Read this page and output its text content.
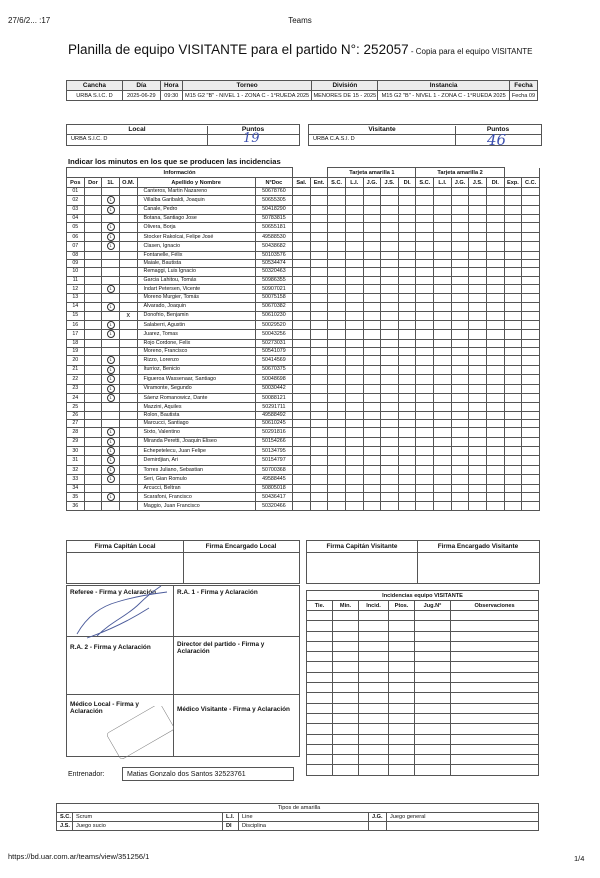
27/6/2... :17	Teams
Planilla de equipo VISITANTE para el partido N°: 252057 - Copia para el equipo VISITANTE
Cancha	Día	Hora	Torneo	División	Instancia	Fecha
URBA S.I.C. D	2025-06-29	09:30	M15 G2 "B" - NIVEL 1 - ZONA C - 1°RUEDA 2025	MENORES DE 15 - 2025	M15 G2 "B" - NIVEL 1 - ZONA C - 1°RUEDA 2025	Fecha 09
Local	Puntos
URBA S.I.C. D	19
Visitante	Puntos
URBA C.A.S.I. D	46
Indicar los minutos en los que se producen las incidencias
Información								Tarjeta amarilla 1					Tarjeta amarilla 2						
Pos	Dor	1L	O.M.	Apellido y Nombre	N°Doc	Sal.	Ent.	S.C.	L.I.	J.G.	J.S.	DI.	S.C.	L.I.	J.G.	J.S.	DI.	Exp.	C.C.
01				Canteros, Martin Nazareno	50678760														
02		1		Villalba Garibaldi, Joaquin	50655305														
03		1		Canale, Pedro	50418290														
04				Botana, Santiago Jose	50783815														
05		1		Olivera, Borja	50655181														
06		1		Stocker Rakolcai, Felipe José	49588530														
07		1		Clasen, Ignacio	50438682														
08				Fontanelle, Félix	50103576														
09				Maiale, Bautista	50534474														
10				Remaggi, Luis Ignacio	50320463														
11				Garcia Lahitou, Tomás	50986355														
12		1		Indart Petersen, Vicente	50907021														
13				Moreno Murgier, Tomás	50075158														
14		1		Alvarado, Joaquin	50670382														
15			x	Donofrio, Benjamin	50610230														
16		1		Salaberri, Agustin	50029520														
17		1		Juarez, Tomas	50043256														
18				Rojo Cordone, Felix	50273031														
19				Moreno, Francisco	50541079														
20		1		Rizzo, Lorenzo	50414569														
21		1		Iturrioz, Benicio	50670375														
22		1		Figueroa Wassenaar, Santiago	50048698														
23		1		Viramonte, Segundo	50030442														
24		1		Sáenz Romanowicz, Dante	50088121														
25				Mazzini, Aquiles	50291711														
26				Rolon, Bautista	49588492														
27				Marcucci, Santiago	50610245														
28		1		Sixto, Valentino	50291816														
29		1		Miranda Peretti, Joaquin Eliseo	50154266														
30		1		Echepetelecu, Juan Felipe	50134795														
31		1		Demirdjian, Ari	50154797														
32		1		Torres Juliano, Sebastian	50700368														
33		1		Seri, Gian Romulo	49588445														
34				Arcucci, Beltran	50805018														
35		1		Scarafoni, Francisco	50436417														
36				Maggio, Juan Francisco	50320466														
Firma Capitán Local	Firma Encargado Local	Firma Capitán Visitante	Firma Encargado Visitante
Referee - Firma y Aclaración	R.A. 1 - Firma y Aclaración
R.A. 2 - Firma y Aclaración	Director del partido - Firma y Aclaración
Médico Local - Firma y Aclaración	Médico Visitante - Firma y Aclaración
Incidencias equipo VISITANTE					
Tie.	Min.	Incid.	Ptos.	Jug.N°	Observaciones

Entrenador:	Matias Gonzalo dos Santos 32523761
Tipos de amarilla					
S.C.	Scrum	L.I.	Line	J.G.	Juego general
J.S.	Juego sucio	DI	Disciplina		
https://bd.uar.com.ar/teams/view/351256/1	1/4
